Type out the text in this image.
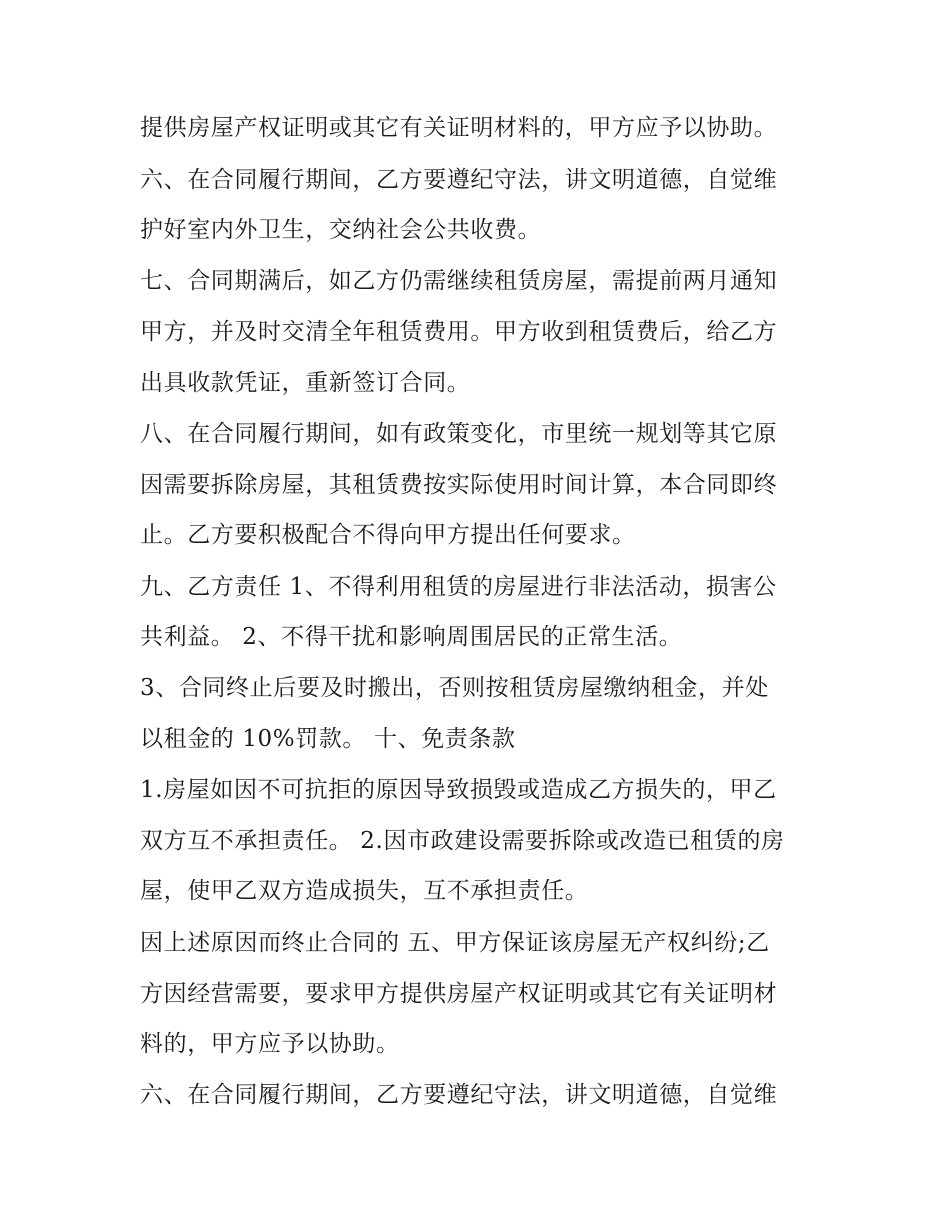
提供房屋产权证明或其它有关证明材料的，甲方应予以协助。
六、在合同履行期间，乙方要遵纪守法，讲文明道德，自觉维
护好室内外卫生，交纳社会公共收费。
七、合同期满后，如乙方仍需继续租赁房屋，需提前两月通知
甲方，并及时交清全年租赁费用。甲方收到租赁费后，给乙方
出具收款凭证，重新签订合同。
八、在合同履行期间，如有政策变化，市里统一规划等其它原
因需要拆除房屋，其租赁费按实际使用时间计算，本合同即终
止。乙方要积极配合不得向甲方提出任何要求。
九、乙方责任 1、不得利用租赁的房屋进行非法活动，损害公
共利益。 2、不得干扰和影响周围居民的正常生活。
3、合同终止后要及时搬出，否则按租赁房屋缴纳租金，并处
以租金的 10%罚款。 十、免责条款
1.房屋如因不可抗拒的原因导致损毁或造成乙方损失的，甲乙
双方互不承担责任。 2.因市政建设需要拆除或改造已租赁的房
屋，使甲乙双方造成损失，互不承担责任。
因上述原因而终止合同的 五、甲方保证该房屋无产权纠纷;乙
方因经营需要，要求甲方提供房屋产权证明或其它有关证明材
料的，甲方应予以协助。
六、在合同履行期间，乙方要遵纪守法，讲文明道德，自觉维
